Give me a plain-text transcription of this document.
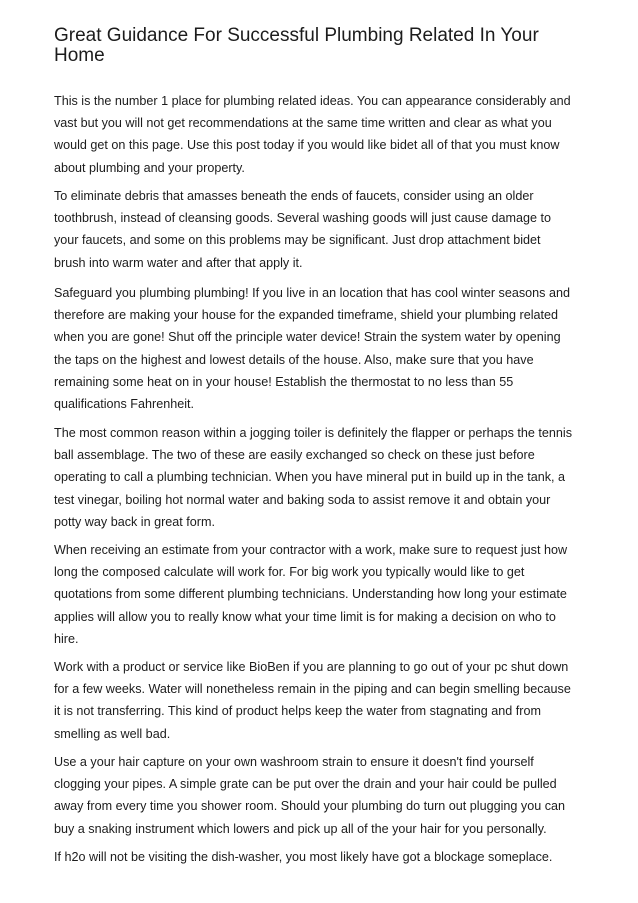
Great Guidance For Successful Plumbing Related In Your
Home

This is the number 1 place for plumbing related ideas. You can appearance considerably and
vast but you will not get recommendations at the same time written and clear as what you
would get on this page. Use this post today if you would like bidet all of that you must know
about plumbing and your property.

To eliminate debris that amasses beneath the ends of faucets, consider using an older
toothbrush, instead of cleansing goods. Several washing goods will just cause damage to
your faucets, and some on this problems may be significant. Just drop attachment bidet
brush into warm water and after that apply it.

Safeguard you plumbing plumbing! If you live in an location that has cool winter seasons and
therefore are making your house for the expanded timeframe, shield your plumbing related
when you are gone! Shut off the principle water device! Strain the system water by opening
the taps on the highest and lowest details of the house. Also, make sure that you have
remaining some heat on in your house! Establish the thermostat to no less than 55
qualifications Fahrenheit.

The most common reason within a jogging toiler is definitely the flapper or perhaps the tennis
ball assemblage. The two of these are easily exchanged so check on these just before
operating to call a plumbing technician. When you have mineral put in build up in the tank, a
test vinegar, boiling hot normal water and baking soda to assist remove it and obtain your
potty way back in great form.

When receiving an estimate from your contractor with a work, make sure to request just how
long the composed calculate will work for. For big work you typically would like to get
quotations from some different plumbing technicians. Understanding how long your estimate
applies will allow you to really know what your time limit is for making a decision on who to
hire.

Work with a product or service like BioBen if you are planning to go out of your pc shut down
for a few weeks. Water will nonetheless remain in the piping and can begin smelling because
it is not transferring. This kind of product helps keep the water from stagnating and from
smelling as well bad.

Use a your hair capture on your own washroom strain to ensure it doesn't find yourself
clogging your pipes. A simple grate can be put over the drain and your hair could be pulled
away from every time you shower room. Should your plumbing do turn out plugging you can
buy a snaking instrument which lowers and pick up all of the your hair for you personally.

If h2o will not be visiting the dish-washer, you most likely have got a blockage someplace.
